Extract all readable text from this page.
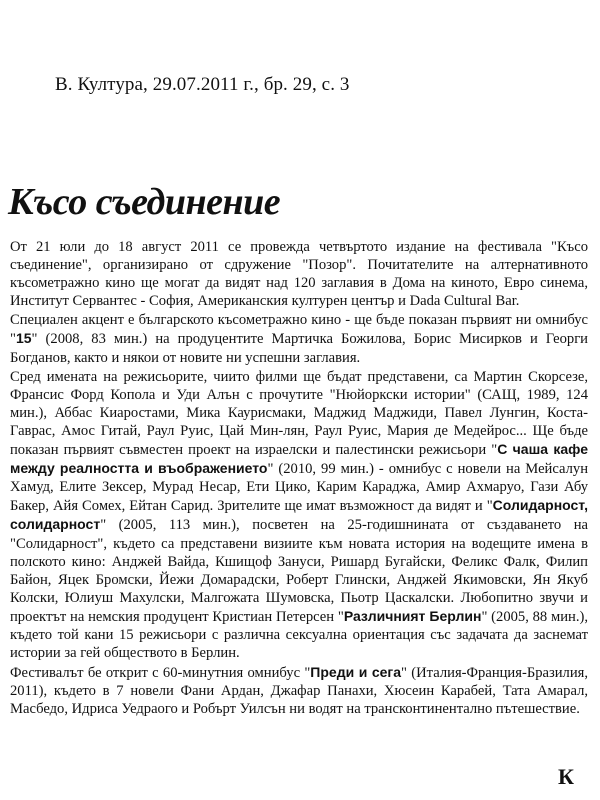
В. Култура, 29.07.2011 г., бр. 29, с. 3
Късо съединение

От 21 юли до 18 август 2011 се провежда четвъртото издание на фестивала "Късо съединение", организирано от сдружение "Позор". Почитателите на алтернативното късометражно кино ще могат да видят над 120 заглавия в Дома на киното, Евро синема, Институт Сервантес - София, Американския културен център и Dada Cultural Bar.

Специален акцент е българското късометражно кино - ще бъде показан първият ни омнибус "15" (2008, 83 мин.) на продуцентите Мартичка Божилова, Борис Мисирков и Георги Богданов, както и някои от новите ни успешни заглавия.

Сред имената на режисьорите, чиито филми ще бъдат представени, са Мартин Скорсезе, Франсис Форд Копола и Уди Алън с прочутите "Нюйоркски истории" (САЩ, 1989, 124 мин.), Аббас Киаростами, Мика Каурисмаки, Маджид Маджиди, Павел Лунгин, Коста-Гаврас, Амос Гитай, Раул Руис, Цай Мин-лян, Раул Руис, Мария де Медейрос... Ще бъде показан първият съвместен проект на израелски и палестински режисьори "С чаша кафе между реалността и въображението" (2010, 99 мин.) - омнибус с новели на Мейсалун Хамуд, Елите Зексер, Мурад Несар, Ети Цико, Карим Караджа, Амир Ахмаруо, Гази Абу Бакер, Айя Сомех, Ейтан Сарид. Зрителите ще имат възможност да видят и "Солидарност, солидарност" (2005, 113 мин.), посветен на 25-годишнината от създаването на "Солидарност", където са представени визиите към новата история на водещите имена в полското кино: Анджей Вайда, Кшищоф Зануси, Ришард Бугайски, Феликс Фалк, Филип Байон, Яцек Бромски, Йежи Домарадски, Роберт Глински, Анджей Якимовски, Ян Якуб Колски, Юлиуш Махулски, Малгожата Шумовска, Пьотр Цаскалски. Любопитно звучи и проектът на немския продуцент Кристиан Петерсен "Различният Берлин" (2005, 88 мин.), където той кани 15 режисьори с различна сексуална ориентация със задачата да заснемат истории за гей обществото в Берлин.

Фестивалът бе открит с 60-минутния омнибус "Преди и сега" (Италия-Франция-Бразилия, 2011), където в 7 новели Фани Ардан, Джафар Панахи, Хюсеин Карабей, Тата Амарал, Масбедо, Идриса Уедраого и Робърт Уилсън ни водят на трансконтинентално пътешествие.

К
